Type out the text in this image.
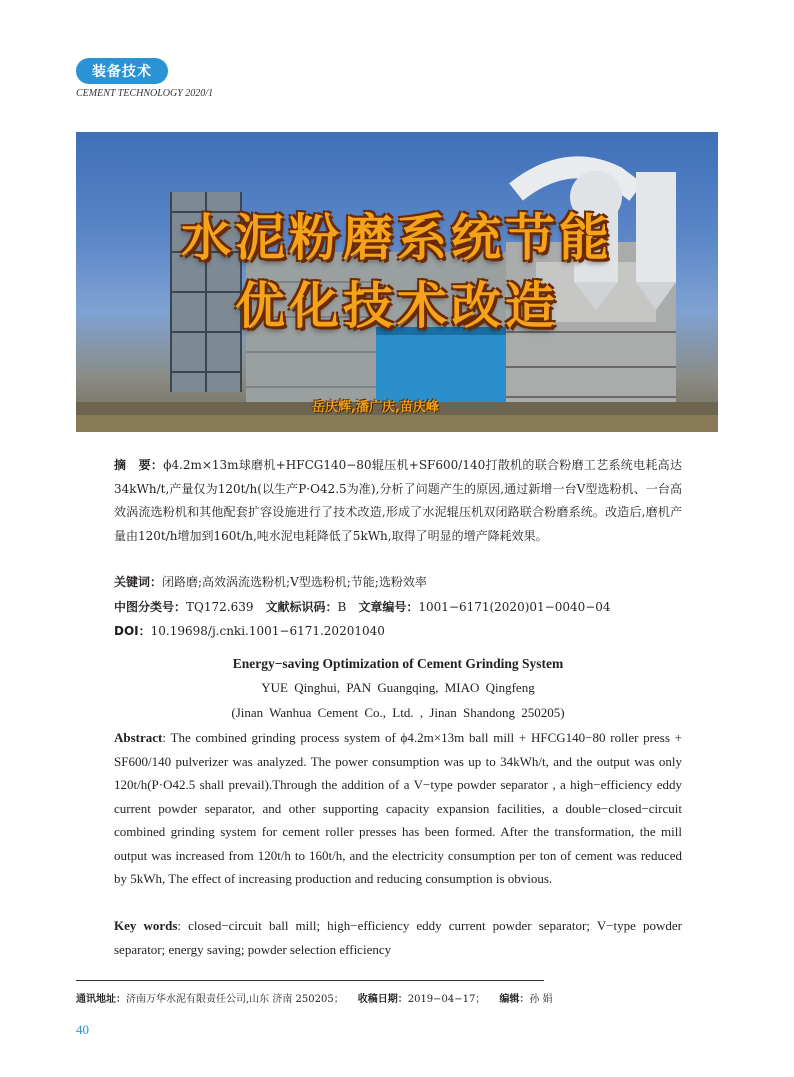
装备技术
CEMENT TECHNOLOGY 2020/1
水泥粉磨系统节能
优化技术改造
岳庆辉,潘广庆,苗庆峰
摘　要：ϕ4.2m×13m球磨机+HFCG140−80辊压机+SF600/140打散机的联合粉磨工艺系统电耗高达34kWh/t,产量仅为120t/h(以生产P·O42.5为准),分析了问题产生的原因,通过新增一台V型选粉机、一台高效涡流选粉机和其他配套扩容设施进行了技术改造,形成了水泥辊压机双闭路联合粉磨系统。改造后,磨机产量由120t/h增加到160t/h,吨水泥电耗降低了5kWh,取得了明显的增产降耗效果。
关键词：闭路磨;高效涡流选粉机;V型选粉机;节能;选粉效率
中图分类号：TQ172.639 文献标识码：B 文章编号：1001−6171(2020)01−0040−04
DOI：10.19698/j.cnki.1001−6171.20201040
Energy−saving Optimization of Cement Grinding System
YUE Qinghui, PAN Guangqing, MIAO Qingfeng
(Jinan Wanhua Cement Co., Ltd. , Jinan Shandong 250205)
Abstract: The combined grinding process system of ϕ4.2m×13m ball mill + HFCG140−80 roller press + SF600/140 pulverizer was analyzed. The power consumption was up to 34kWh/t, and the output was only 120t/h(P·O42.5 shall prevail).Through the addition of a V−type powder separator , a high−efficiency eddy current powder separator, and other supporting capacity expansion facilities, a double−closed−circuit combined grinding system for cement roller presses has been formed. After the transformation, the mill output was increased from 120t/h to 160t/h, and the electricity consumption per ton of cement was reduced by 5kWh, The effect of increasing production and reducing consumption is obvious.
Key words: closed−circuit ball mill; high−efficiency eddy current powder separator; V−type powder separator; energy saving; powder selection efficiency
通讯地址：济南万华水泥有限责任公司,山东 济南 250205； 收稿日期：2019−04−17； 编辑：孙 娟
40
